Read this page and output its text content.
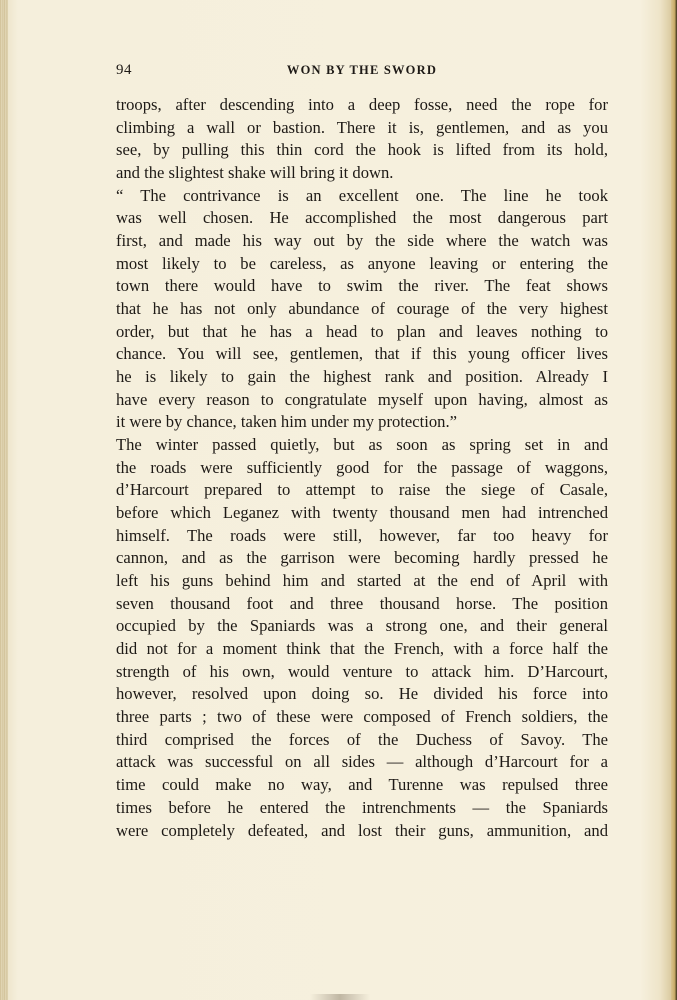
94	WON BY THE SWORD
troops, after descending into a deep fosse, need the rope for
climbing a wall or bastion. There it is, gentlemen, and as you
see, by pulling this thin cord the hook is lifted from its hold,
and the slightest shake will bring it down.
“ The contrivance is an excellent one. The line he took
was well chosen. He accomplished the most dangerous part
first, and made his way out by the side where the watch was
most likely to be careless, as anyone leaving or entering the
town there would have to swim the river. The feat shows
that he has not only abundance of courage of the very highest
order, but that he has a head to plan and leaves nothing to
chance. You will see, gentlemen, that if this young officer lives
he is likely to gain the highest rank and position. Already I
have every reason to congratulate myself upon having, almost as
it were by chance, taken him under my protection.”
The winter passed quietly, but as soon as spring set in and
the roads were sufficiently good for the passage of waggons,
d’Harcourt prepared to attempt to raise the siege of Casale,
before which Leganez with twenty thousand men had intrenched
himself. The roads were still, however, far too heavy for
cannon, and as the garrison were becoming hardly pressed he
left his guns behind him and started at the end of April with
seven thousand foot and three thousand horse. The position
occupied by the Spaniards was a strong one, and their general
did not for a moment think that the French, with a force half the
strength of his own, would venture to attack him. D’Harcourt,
however, resolved upon doing so. He divided his force into
three parts ; two of these were composed of French soldiers, the
third comprised the forces of the Duchess of Savoy. The
attack was successful on all sides — although d’Harcourt for a
time could make no way, and Turenne was repulsed three
times before he entered the intrenchments — the Spaniards
were completely defeated, and lost their guns, ammunition, and
